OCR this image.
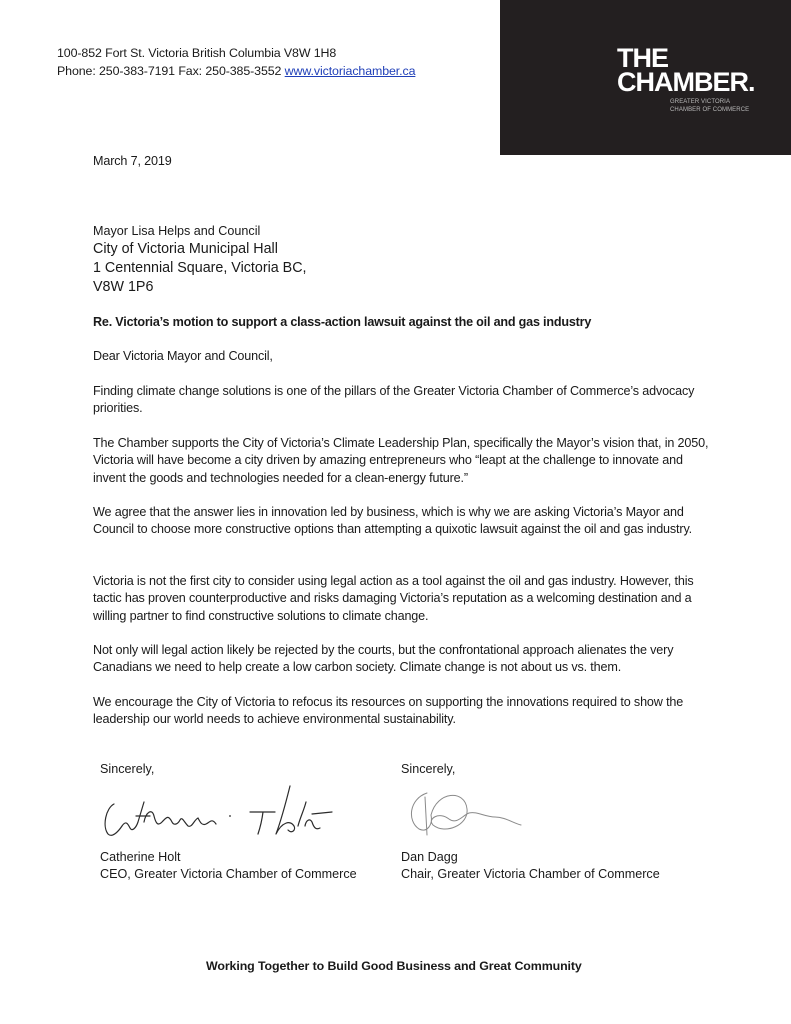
100-852 Fort St. Victoria British Columbia V8W 1H8
Phone: 250-383-7191 Fax: 250-385-3552 www.victoriachamber.ca	THE
CHAMBER.
GREATER VICTORIA
CHAMBER OF COMMERCE
March 7, 2019
Mayor Lisa Helps and Council
City of Victoria Municipal Hall
1 Centennial Square, Victoria BC,
V8W 1P6
Re. Victoria’s motion to support a class-action lawsuit against the oil and gas industry
Dear Victoria Mayor and Council,
Finding climate change solutions is one of the pillars of the Greater Victoria Chamber of Commerce’s advocacy priorities.
The Chamber supports the City of Victoria’s Climate Leadership Plan, specifically the Mayor’s vision that, in 2050, Victoria will have become a city driven by amazing entrepreneurs who “leapt at the challenge to innovate and invent the goods and technologies needed for a clean-energy future.”
We agree that the answer lies in innovation led by business, which is why we are asking Victoria’s Mayor and Council to choose more constructive options than attempting a quixotic lawsuit against the oil and gas industry.
Victoria is not the first city to consider using legal action as a tool against the oil and gas industry. However, this tactic has proven counterproductive and risks damaging Victoria’s reputation as a welcoming destination and a willing partner to find constructive solutions to climate change.
Not only will legal action likely be rejected by the courts, but the confrontational approach alienates the very Canadians we need to help create a low carbon society. Climate change is not about us vs. them.
We encourage the City of Victoria to refocus its resources on supporting the innovations required to show the leadership our world needs to achieve environmental sustainability.
Sincerely,
Catherine Holt
CEO, Greater Victoria Chamber of Commerce
Sincerely,
Dan Dagg
Chair, Greater Victoria Chamber of Commerce
Working Together to Build Good Business and Great Community
